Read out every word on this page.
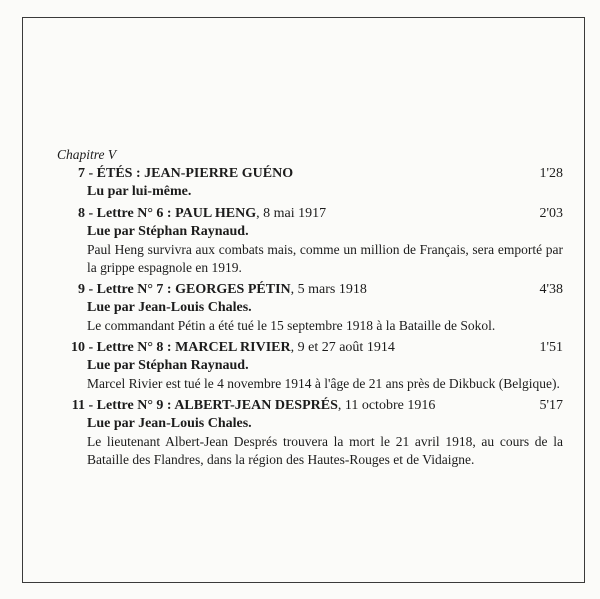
Chapitre V
7 - ÉTÉS : JEAN-PIERRE GUÉNO	1'28
Lu par lui-même.
8 - Lettre N° 6 : PAUL HENG, 8 mai 1917	2'03
Lue par Stéphan Raynaud.
Paul Heng survivra aux combats mais, comme un million de Français, sera emporté par la grippe espagnole en 1919.
9 - Lettre N° 7 : GEORGES PÉTIN, 5 mars 1918	4'38
Lue par Jean-Louis Chales.
Le commandant Pétin a été tué le 15 septembre 1918 à la Bataille de Sokol.
10 - Lettre N° 8 : MARCEL RIVIER, 9 et 27 août 1914	1'51
Lue par Stéphan Raynaud.
Marcel Rivier est tué le 4 novembre 1914 à l'âge de 21 ans près de Dikbuck (Belgique).
11 - Lettre N° 9 : ALBERT-JEAN DESPRÉS, 11 octobre 1916	5'17
Lue par Jean-Louis Chales.
Le lieutenant Albert-Jean Després trouvera la mort le 21 avril 1918, au cours de la Bataille des Flandres, dans la région des Hautes-Rouges et de Vidaigne.
